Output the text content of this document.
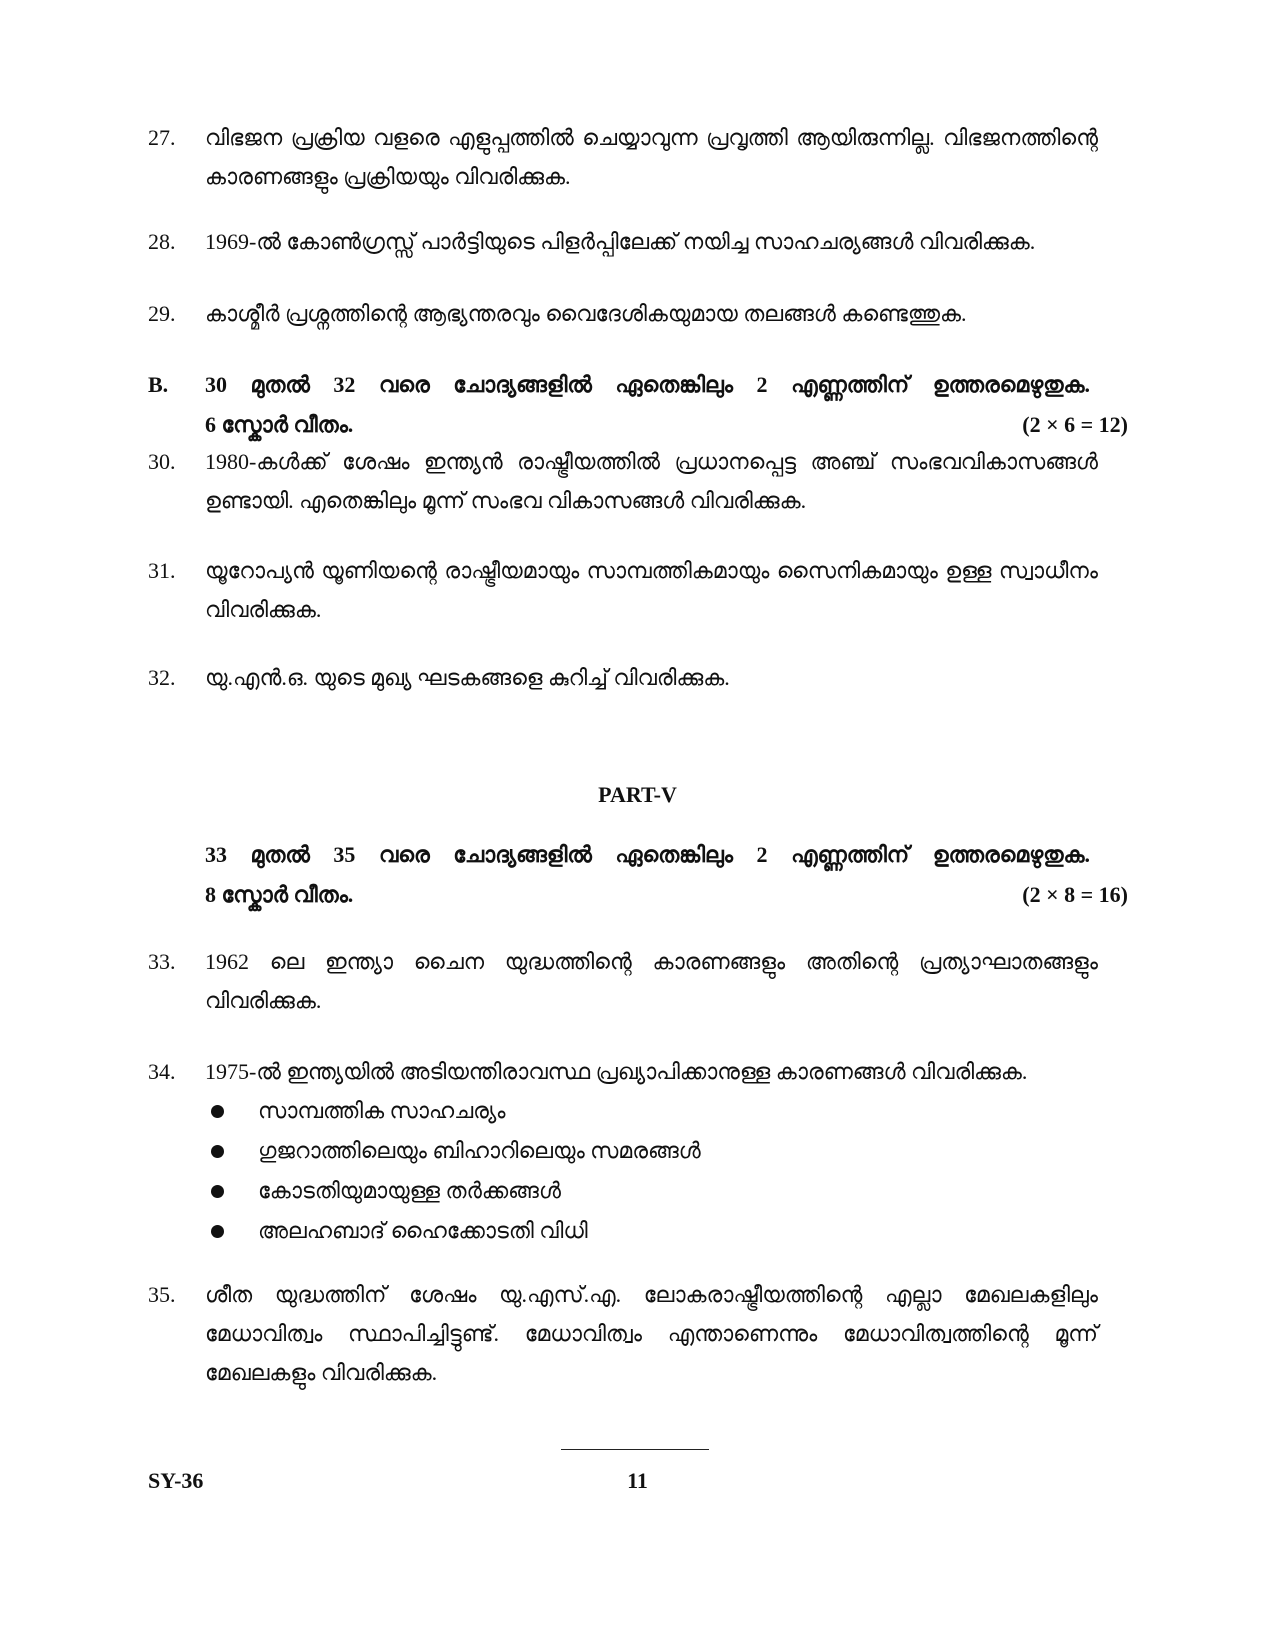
27. വിഭജന പ്രക്രിയ വളരെ എളുപ്പത്തിൽ ചെയ്യാവുന്ന പ്രവൃത്തി ആയിരുന്നില്ല. വിഭജനത്തിന്റെ കാരണങ്ങളും പ്രക്രിയയും വിവരിക്കുക.
28. 1969-ൽ കോൺഗ്രസ്സ് പാർട്ടിയുടെ പിളർപ്പിലേക്ക് നയിച്ച സാഹചര്യങ്ങൾ വിവരിക്കുക.
29. കാശ്മീർ പ്രശ്നത്തിന്റെ ആഭ്യന്തരവും വൈദേശികയുമായ തലങ്ങൾ കണ്ടെത്തുക.
B. 30 മുതൽ 32 വരെ ചോദ്യങ്ങളിൽ ഏതെങ്കിലും 2 എണ്ണത്തിന് ഉത്തരമെഴുതുക.
6 സ്കോർ വീതം.	(2 × 6 = 12)
30. 1980-കൾക്ക് ശേഷം ഇന്ത്യൻ രാഷ്ട്രീയത്തിൽ പ്രധാനപ്പെട്ട അഞ്ച് സംഭവവികാസങ്ങൾ ഉണ്ടായി. എതെങ്കിലും മൂന്ന് സംഭവ വികാസങ്ങൾ വിവരിക്കുക.
31. യൂറോപ്യൻ യൂണിയന്റെ രാഷ്ട്രീയമായും സാമ്പത്തികമായും സൈനികമായും ഉള്ള സ്വാധീനം വിവരിക്കുക.
32. യു.എൻ.ഒ. യുടെ മുഖ്യ ഘടകങ്ങളെ കുറിച്ച് വിവരിക്കുക.
PART-V
33 മുതൽ 35 വരെ ചോദ്യങ്ങളിൽ ഏതെങ്കിലും 2 എണ്ണത്തിന് ഉത്തരമെഴുതുക.
8 സ്കോർ വീതം.	(2 × 8 = 16)
33. 1962 ലെ ഇന്ത്യാ ചൈന യുദ്ധത്തിന്റെ കാരണങ്ങളും അതിന്റെ പ്രത്യാഘാതങ്ങളും വിവരിക്കുക.
34. 1975-ൽ ഇന്ത്യയിൽ അടിയന്തിരാവസ്ഥ പ്രഖ്യാപിക്കാനുള്ള കാരണങ്ങൾ വിവരിക്കുക.
സാമ്പത്തിക സാഹചര്യം
ഗുജറാത്തിലെയും ബിഹാറിലെയും സമരങ്ങൾ
കോടതിയുമായുള്ള തർക്കങ്ങൾ
അലഹബാദ് ഹൈക്കോടതി വിധി
35. ശീത യുദ്ധത്തിന് ശേഷം യു.എസ്.എ. ലോകരാഷ്ട്രീയത്തിന്റെ എല്ലാ മേഖലകളിലും മേധാവിത്വം സ്ഥാപിച്ചിട്ടുണ്ട്. മേധാവിത്വം എന്താണെന്നും മേധാവിത്വത്തിന്റെ മൂന്ന് മേഖലകളും വിവരിക്കുക.
SY-36	11
